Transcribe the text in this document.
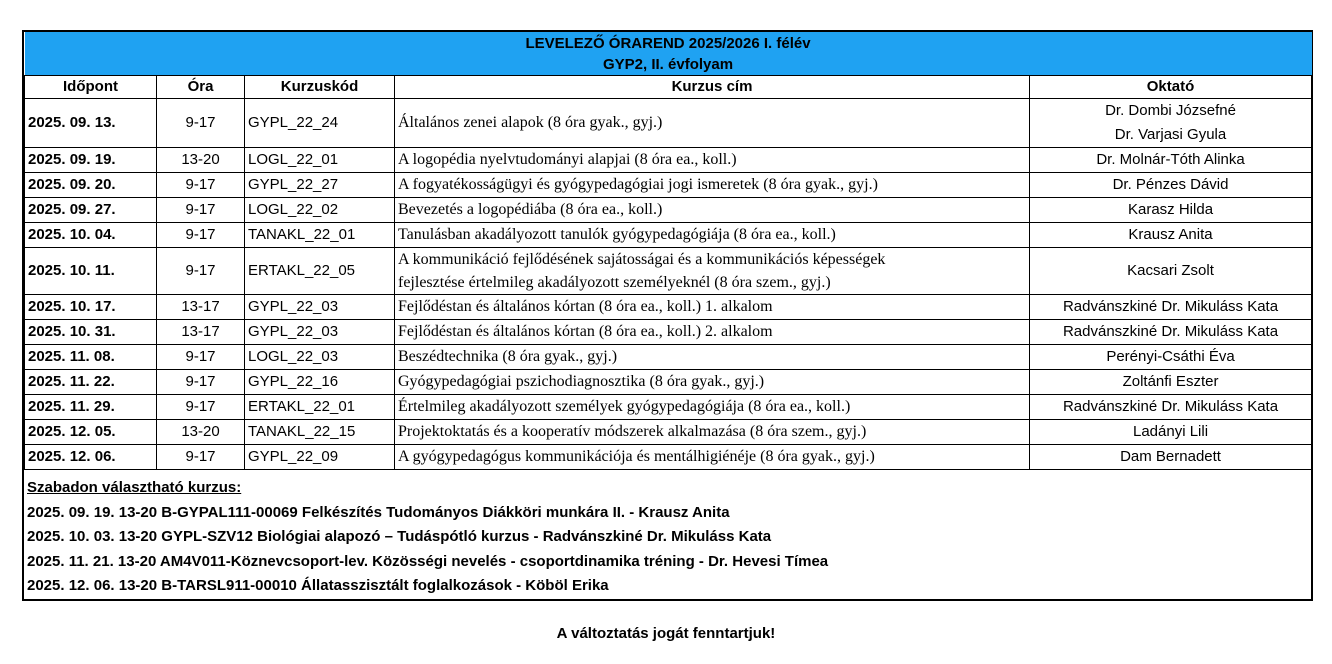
LEVELEZŐ ÓRAREND 2025/2026 I. félév
GYP2, II. évfolyam				

Időpont	Óra	Kurzuskód	Kurzus cím	Oktató

2025. 09. 13.	9-17	GYPL_22_24	Általános zenei alapok (8 óra gyak., gyj.)	Dr. Dombi Józsefné
Dr. Varjasi Gyula

2025. 09. 19.	13-20	LOGL_22_01	A logopédia nyelvtudományi alapjai (8 óra ea., koll.)	Dr. Molnár-Tóth Alinka

2025. 09. 20.	9-17	GYPL_22_27	A fogyatékosságügyi és gyógypedagógiai jogi ismeretek (8 óra gyak., gyj.)	Dr. Pénzes Dávid

2025. 09. 27.	9-17	LOGL_22_02	Bevezetés a logopédiába (8 óra ea., koll.)	Karasz Hilda

2025. 10. 04.	9-17	TANAKL_22_01	Tanulásban akadályozott tanulók gyógypedagógiája (8 óra ea., koll.)	Krausz Anita

2025. 10. 11.	9-17	ERTAKL_22_05	A kommunikáció fejlődésének sajátosságai és a kommunikációs képességek
fejlesztése értelmileg akadályozott személyeknél (8 óra szem., gyj.)	Kacsari Zsolt

2025. 10. 17.	13-17	GYPL_22_03	Fejlődéstan és általános kórtan (8 óra ea., koll.) 1. alkalom	Radvánszkiné Dr. Mikuláss Kata

2025. 10. 31.	13-17	GYPL_22_03	Fejlődéstan és általános kórtan (8 óra ea., koll.) 2. alkalom	Radvánszkiné Dr. Mikuláss Kata

2025. 11. 08.	9-17	LOGL_22_03	Beszédtechnika (8 óra gyak., gyj.)	Perényi-Csáthi Éva

2025. 11. 22.	9-17	GYPL_22_16	Gyógypedagógiai pszichodiagnosztika (8 óra gyak., gyj.)	Zoltánfi Eszter

2025. 11. 29.	9-17	ERTAKL_22_01	Értelmileg akadályozott személyek gyógypedagógiája (8 óra ea., koll.)	Radvánszkiné Dr. Mikuláss Kata

2025. 12. 05.	13-20	TANAKL_22_15	Projektoktatás és a kooperatív módszerek alkalmazása (8 óra szem., gyj.)	Ladányi Lili

2025. 12. 06.	9-17	GYPL_22_09	A gyógypedagógus kommunikációja és mentálhigiénéje (8 óra gyak., gyj.)	Dam Bernadett
Szabadon választható kurzus:
2025. 09. 19. 13-20 B-GYPAL111-00069 Felkészítés Tudományos Diákköri munkára II. - Krausz Anita
2025. 10. 03. 13-20 GYPL-SZV12 Biológiai alapozó – Tudáspótló kurzus - Radvánszkiné Dr. Mikuláss Kata
2025. 11. 21. 13-20 AM4V011-Köznevcsoport-lev. Közösségi nevelés - csoportdinamika tréning - Dr. Hevesi Tímea
2025. 12. 06. 13-20 B-TARSL911-00010 Állatasszisztált foglalkozások - Köböl Erika
A változtatás jogát fenntartjuk!
